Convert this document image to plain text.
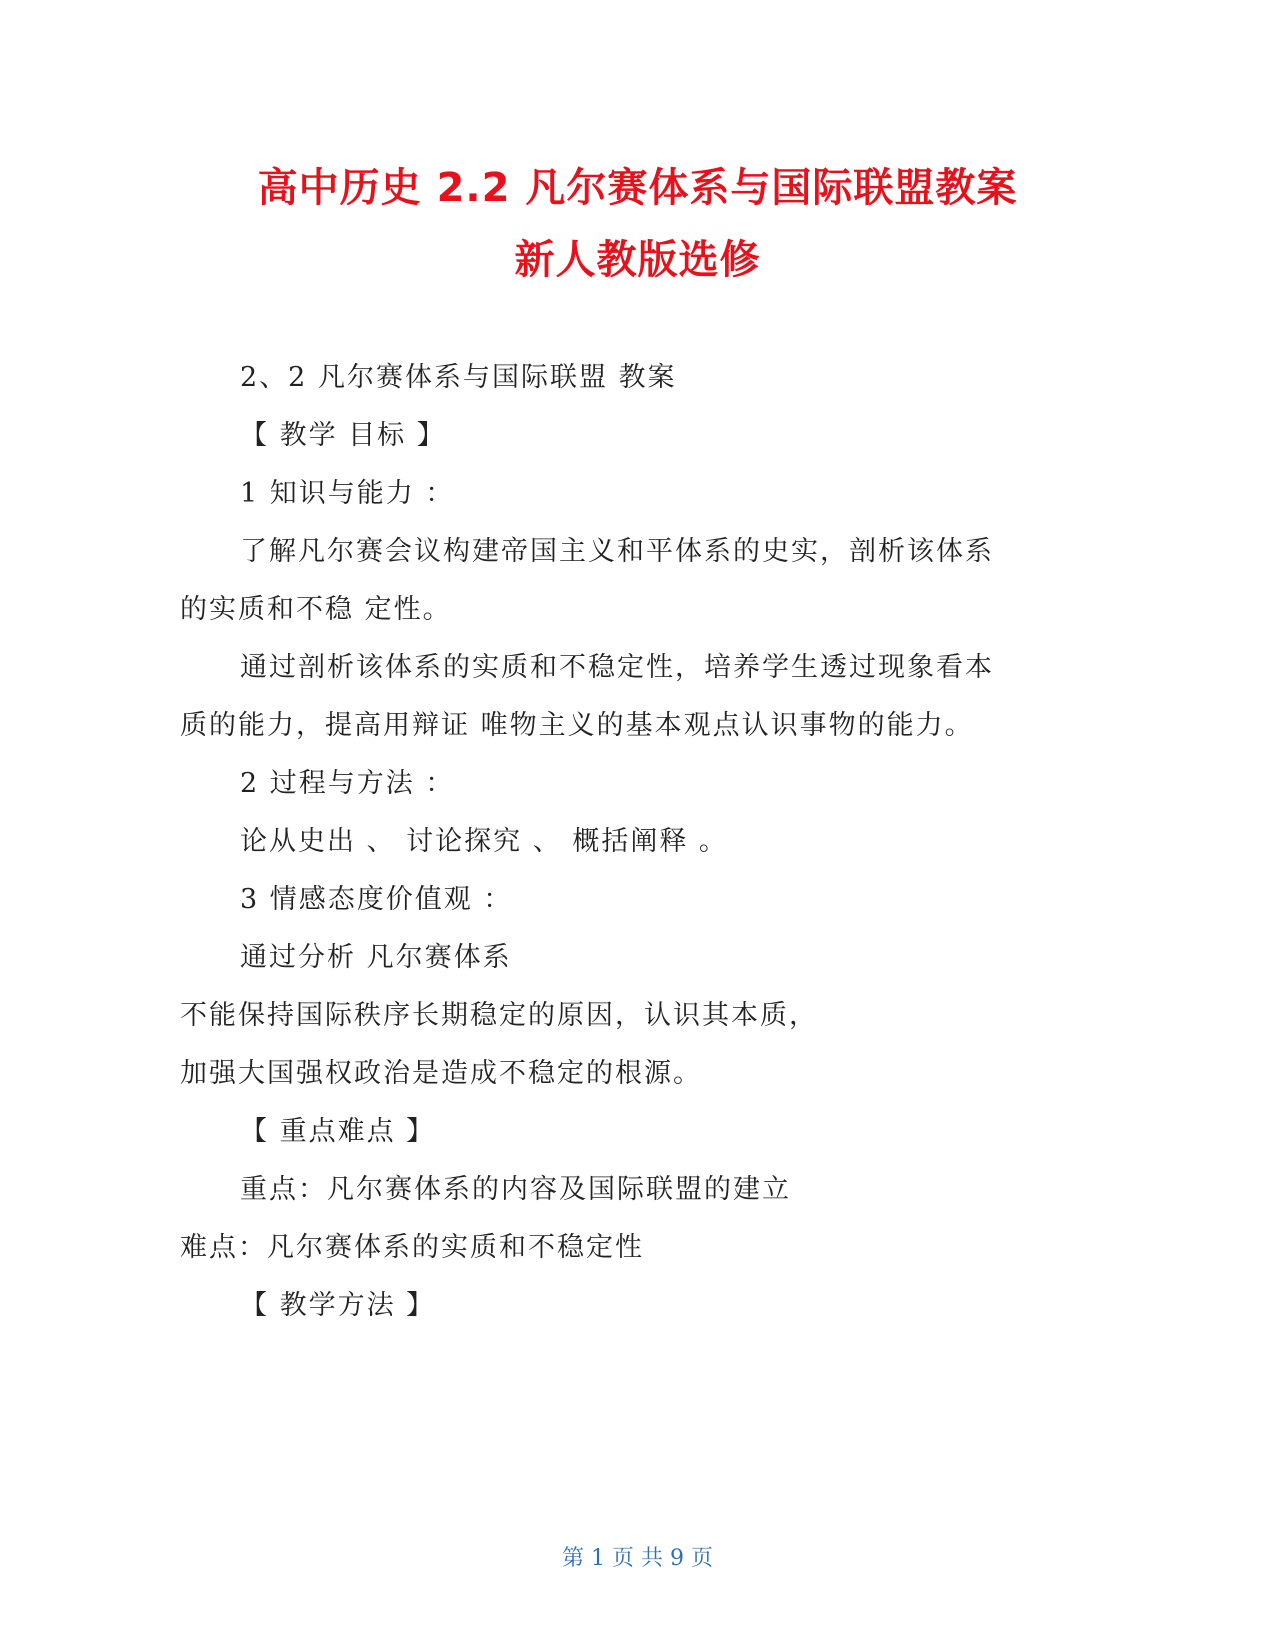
高中历史 2.2 凡尔赛体系与国际联盟教案
新人教版选修

2、2 凡尔赛体系与国际联盟 教案

【 教学 目标 】

1 知识与能力 ：

了解凡尔赛会议构建帝国主义和平体系的史实，剖析该体系

的实质和不稳 定性。

通过剖析该体系的实质和不稳定性，培养学生透过现象看本

质的能力，提高用辩证 唯物主义的基本观点认识事物的能力。

2 过程与方法 ：

论从史出 、 讨论探究 、 概括阐释 。

3 情感态度价值观 ：

通过分析 凡尔赛体系

不能保持国际秩序长期稳定的原因，认识其本质，

加强大国强权政治是造成不稳定的根源。

【 重点难点 】

重点：凡尔赛体系的内容及国际联盟的建立

难点：凡尔赛体系的实质和不稳定性

【 教学方法 】

第 1 页 共 9 页
